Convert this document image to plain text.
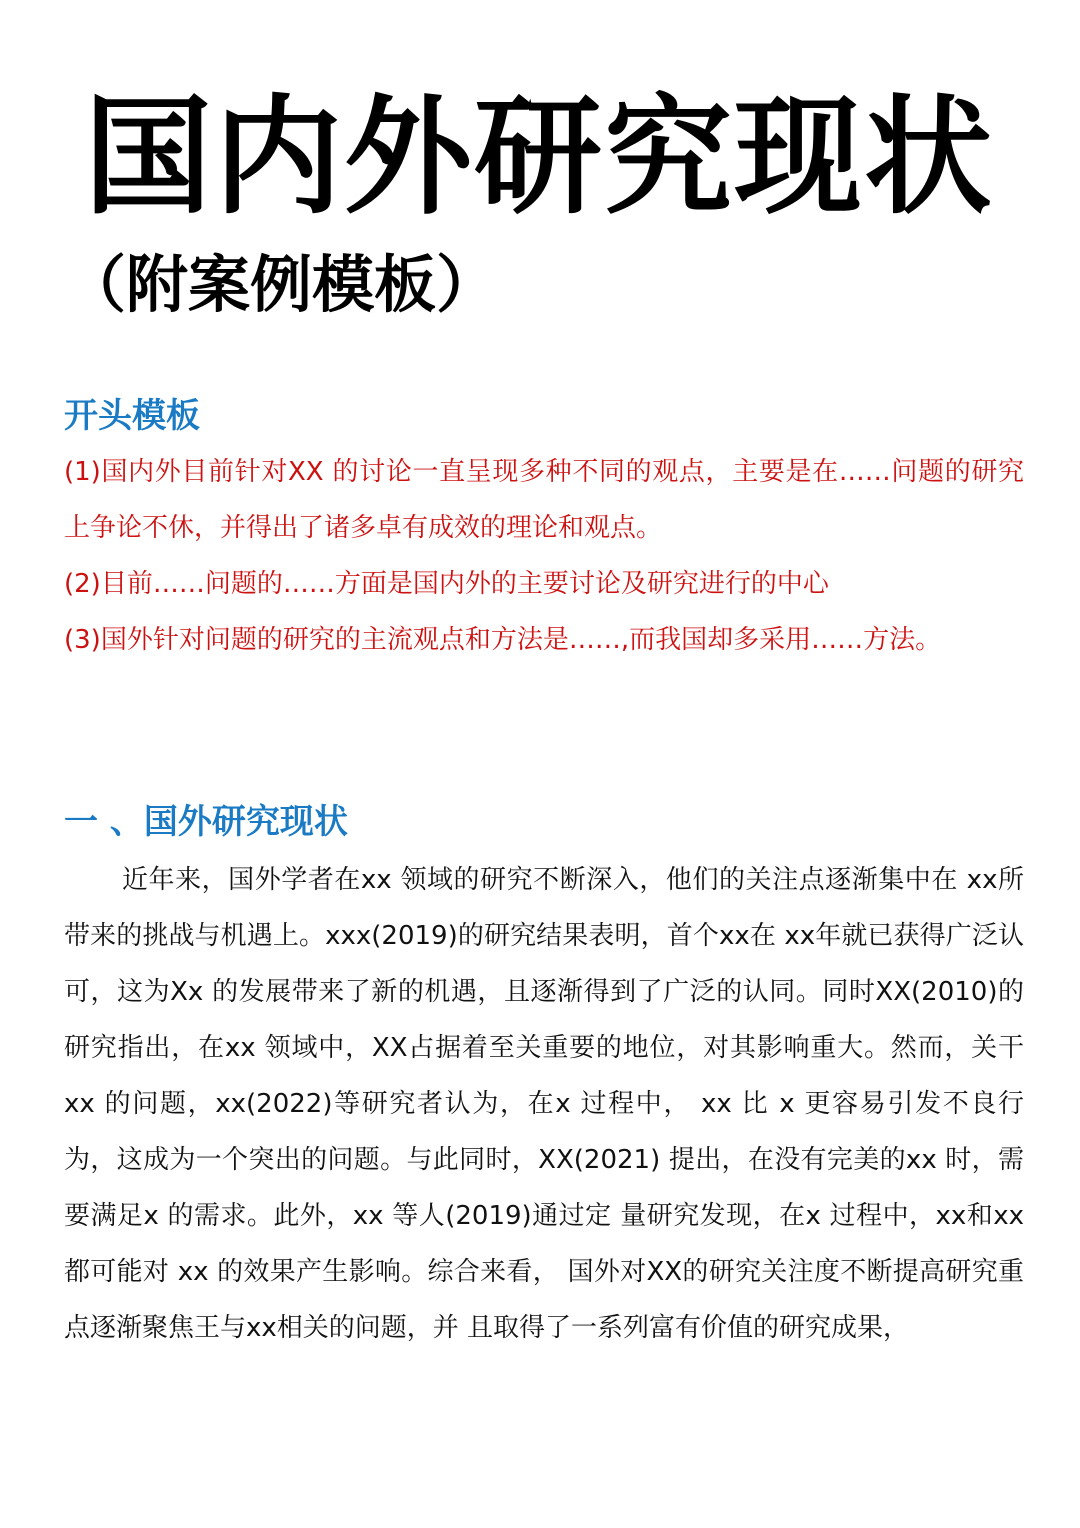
国内外研究现状
（附案例模板）
开头模板

(1)国内外目前针对XX 的讨论一直呈现多种不同的观点，主要是在……问题的研究上争论不休，并得出了诸多卓有成效的理论和观点。

(2)目前……问题的……方面是国内外的主要讨论及研究进行的中心

(3)国外针对问题的研究的主流观点和方法是……,而我国却多采用……方法。

一 、国外研究现状

近年来，国外学者在xx 领域的研究不断深入，他们的关注点逐渐集中在 xx所带来的挑战与机遇上。xxx(2019)的研究结果表明，首个xx在 xx年就已获得广泛认可，这为Xx 的发展带来了新的机遇，且逐渐得到了广泛的认同。同时XX(2010)的研究指出，在xx 领域中，XX占据着至关重要的地位，对其影响重大。然而，关干xx 的问题，xx(2022)等研究者认为，在x 过程中， xx 比 x 更容易引发不良行为，这成为一个突出的问题。与此同时，XX(2021) 提出，在没有完美的xx 时，需要满足x 的需求。此外，xx 等人(2019)通过定 量研究发现，在x 过程中，xx和xx 都可能对 xx 的效果产生影响。综合来看， 国外对XX的研究关注度不断提高研究重点逐渐聚焦王与xx相关的问题，并 且取得了一系列富有价值的研究成果，
